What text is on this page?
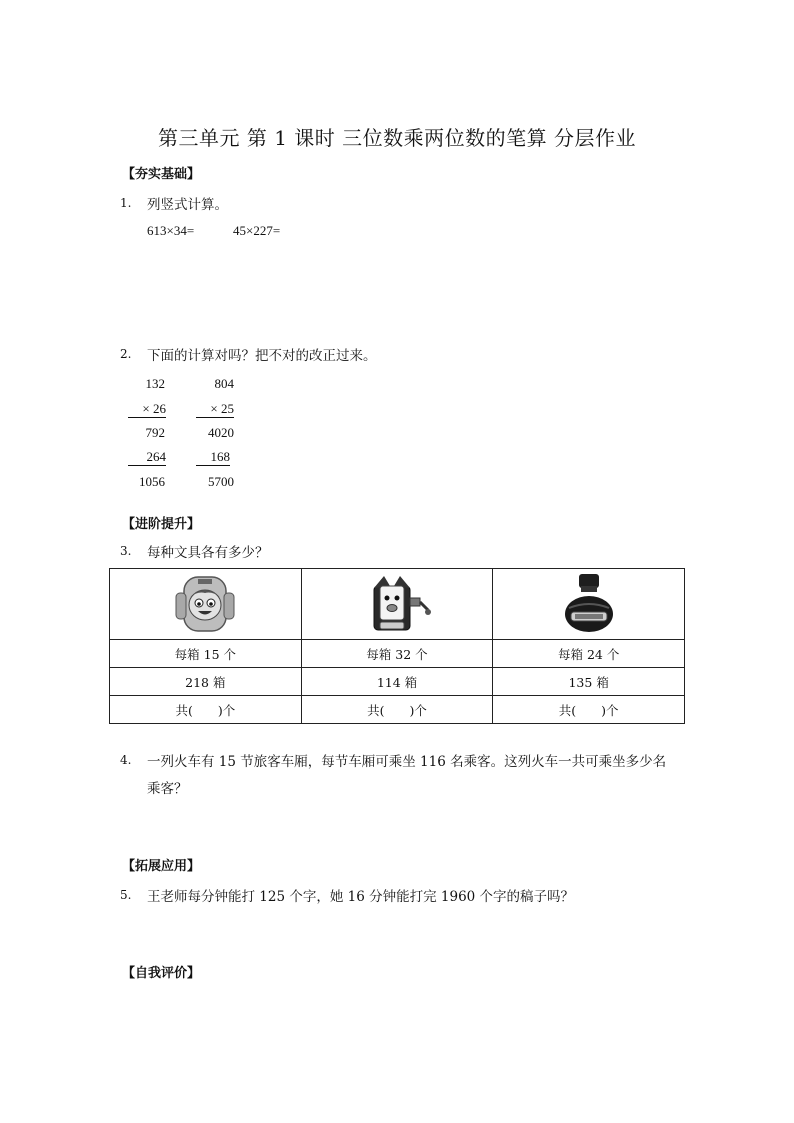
第三单元 第 1 课时 三位数乘两位数的笔算 分层作业
【夯实基础】
1. 列竖式计算。
613×34=	45×227=
2. 下面的计算对吗？把不对的改正过来。
132
× 26
792
264
1056
804
× 25
4020
168
5700
【进阶提升】
3. 每种文具各有多少？

每箱 15 个	每箱 32 个	每箱 24 个
218 箱	114 箱	135 箱
共(　　)个	共(　　)个	共(　　)个
4. 一列火车有 15 节旅客车厢，每节车厢可乘坐 116 名乘客。这列火车一共可乘坐多少名
乘客？
【拓展应用】
5. 王老师每分钟能打 125 个字，她 16 分钟能打完 1960 个字的稿子吗？
【自我评价】
